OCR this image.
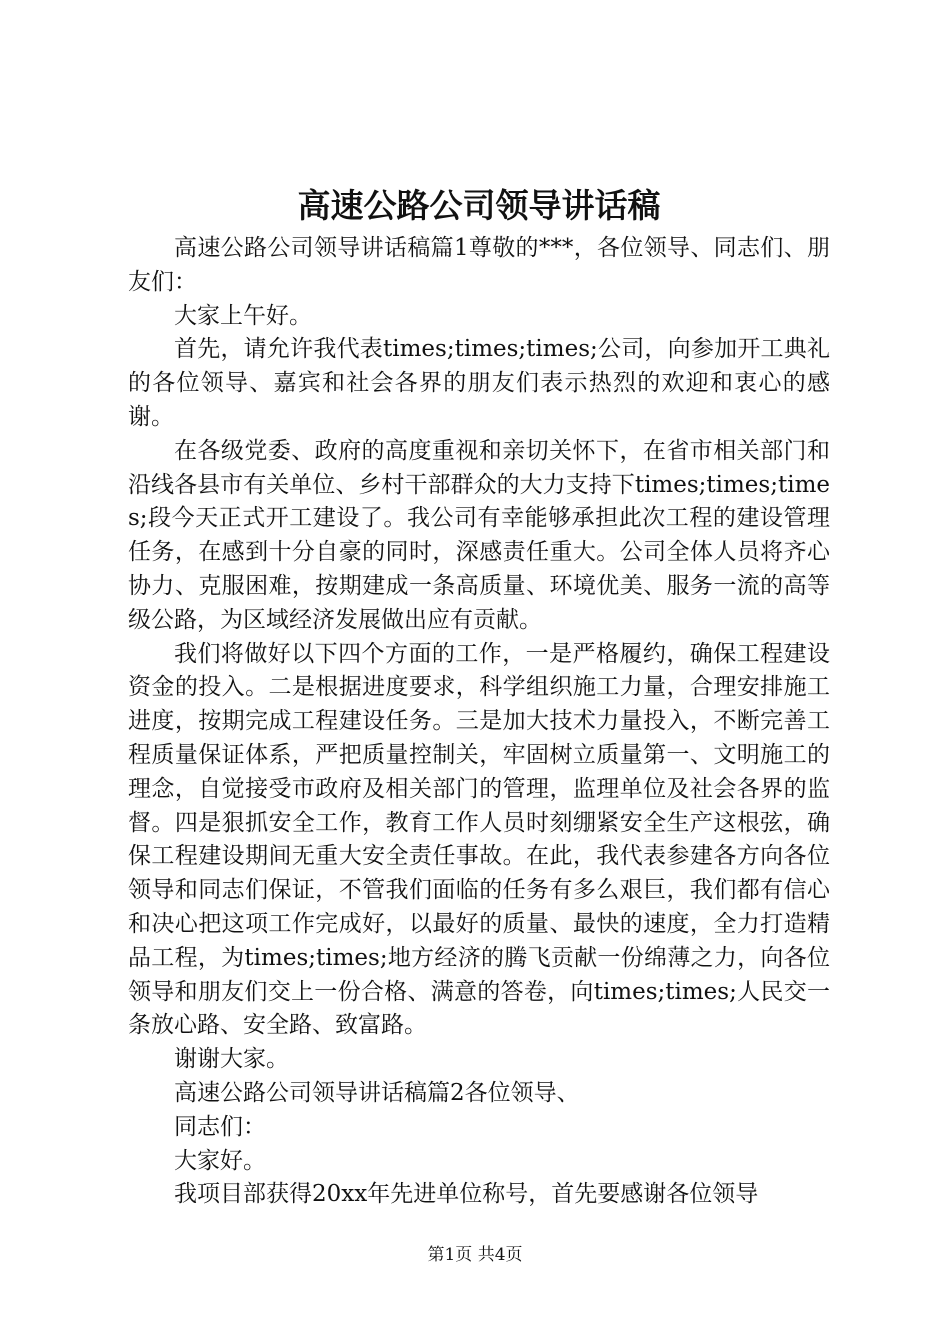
高速公路公司领导讲话稿

高速公路公司领导讲话稿篇1尊敬的***，各位领导、同志们、朋友们：

大家上午好。

首先，请允许我代表times;times;times;公司，向参加开工典礼的各位领导、嘉宾和社会各界的朋友们表示热烈的欢迎和衷心的感谢。

在各级党委、政府的高度重视和亲切关怀下，在省市相关部门和沿线各县市有关单位、乡村干部群众的大力支持下times;times;times;段今天正式开工建设了。我公司有幸能够承担此次工程的建设管理任务，在感到十分自豪的同时，深感责任重大。公司全体人员将齐心协力、克服困难，按期建成一条高质量、环境优美、服务一流的高等级公路，为区域经济发展做出应有贡献。

我们将做好以下四个方面的工作，一是严格履约，确保工程建设资金的投入。二是根据进度要求，科学组织施工力量，合理安排施工进度，按期完成工程建设任务。三是加大技术力量投入，不断完善工程质量保证体系，严把质量控制关，牢固树立质量第一、文明施工的理念，自觉接受市政府及相关部门的管理，监理单位及社会各界的监督。四是狠抓安全工作，教育工作人员时刻绷紧安全生产这根弦，确保工程建设期间无重大安全责任事故。在此，我代表参建各方向各位领导和同志们保证，不管我们面临的任务有多么艰巨，我们都有信心和决心把这项工作完成好，以最好的质量、最快的速度，全力打造精品工程，为times;times;地方经济的腾飞贡献一份绵薄之力，向各位领导和朋友们交上一份合格、满意的答卷，向times;times;人民交一条放心路、安全路、致富路。

谢谢大家。

高速公路公司领导讲话稿篇2各位领导、

同志们：

大家好。

我项目部获得20xx年先进单位称号，首先要感谢各位领导

第1页 共4页
